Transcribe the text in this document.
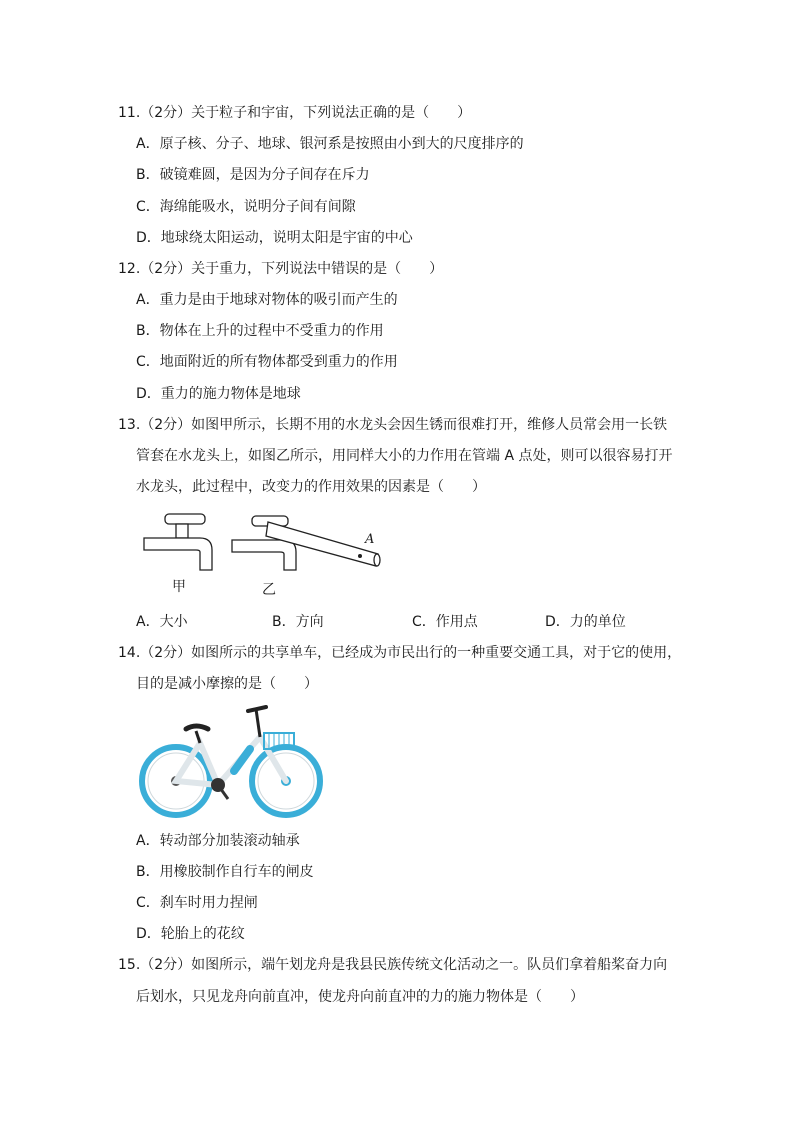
11.（2分）关于粒子和宇宙，下列说法正确的是（　　）
A．原子核、分子、地球、银河系是按照由小到大的尺度排序的
B．破镜难圆，是因为分子间存在斥力
C．海绵能吸水，说明分子间有间隙
D．地球绕太阳运动，说明太阳是宇宙的中心
12.（2分）关于重力，下列说法中错误的是（　　）
A．重力是由于地球对物体的吸引而产生的
B．物体在上升的过程中不受重力的作用
C．地面附近的所有物体都受到重力的作用
D．重力的施力物体是地球
13.（2分）如图甲所示，长期不用的水龙头会因生锈而很难打开，维修人员常会用一长铁
管套在水龙头上，如图乙所示，用同样大小的力作用在管端 A 点处，则可以很容易打开
水龙头，此过程中，改变力的作用效果的因素是（　　）
甲
A
乙
A．大小	B．方向	C．作用点	D．力的单位
14.（2分）如图所示的共享单车，已经成为市民出行的一种重要交通工具，对于它的使用，
目的是减小摩擦的是（　　）
A．转动部分加装滚动轴承
B．用橡胶制作自行车的闸皮
C．刹车时用力捏闸
D．轮胎上的花纹
15.（2分）如图所示，端午划龙舟是我县民族传统文化活动之一。队员们拿着船桨奋力向
后划水，只见龙舟向前直冲，使龙舟向前直冲的力的施力物体是（　　）
